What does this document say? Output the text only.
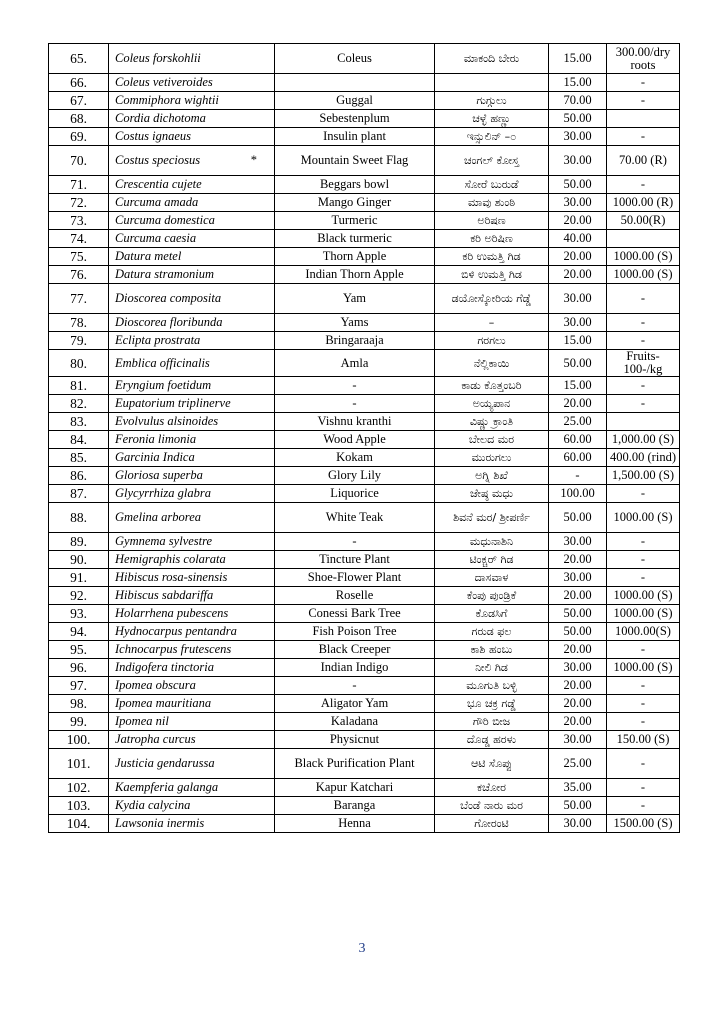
65.	Coleus forskohlii	Coleus	ಮಾಕಂದಿ ಬೇರು	15.00	300.00/dry roots
66.	Coleus vetiveroides			15.00	-
67.	Commiphora wightii	Guggal	ಗುಗ್ಗುಲು	70.00	-
68.	Cordia dichotoma	Sebestenplum	ಚಳ್ಳೆ ಹಣ್ಣು	50.00	
69.	Costus ignaeus	Insulin plant	ಇನ್ಸುಲಿನ್ –೦	30.00	-
70.	Costus speciosus *	Mountain Sweet Flag	ಚಂಗಲ್ ಕೋಸ್ತ	30.00	70.00 (R)
71.	Crescentia cujete	Beggars bowl	ಸೋರೆ ಬುರುಡೆ	50.00	-
72.	Curcuma amada	Mango Ginger	ಮಾವು ಶುಂಠಿ	30.00	1000.00 (R)
73.	Curcuma domestica	Turmeric	ಅರಿಷಣ	20.00	50.00(R)
74.	Curcuma caesia	Black turmeric	ಕರಿ ಅರಿಷಿಣ	40.00	
75.	Datura metel	Thorn Apple	ಕರಿ ಉಮತ್ತಿ ಗಿಡ	20.00	1000.00 (S)
76.	Datura stramonium	Indian Thorn Apple	ಬಿಳಿ ಉಮತ್ತಿ ಗಿಡ	20.00	1000.00 (S)
77.	Dioscorea composita	Yam	ಡಯೋಸ್ಕೋರಿಯ ಗೆಡ್ಡೆ	30.00	-
78.	Dioscorea floribunda	Yams	–	30.00	-
79.	Eclipta prostrata	Bringaraaja	ಗರಗಲು	15.00	-
80.	Emblica officinalis	Amla	ನೆಲ್ಲಿಕಾಯಿ	50.00	Fruits-100-/kg
81.	Eryngium foetidum	-	ಕಾಡು ಕೊತ್ತಂಬರಿ	15.00	-
82.	Eupatorium triplinerve	-	ಅಯ್ಯಪಾನ	20.00	-
83.	Evolvulus alsinoides	Vishnu kranthi	ವಿಷ್ಣು ಕ್ರಾಂತಿ	25.00	
84.	Feronia limonia	Wood Apple	ಬೇಲದ ಮರ	60.00	1,000.00 (S)
85.	Garcinia Indica	Kokam	ಮುರುಗಲು	60.00	400.00 (rind)
86.	Gloriosa superba	Glory Lily	ಅಗ್ನಿ ಶಿಖೆ	-	1,500.00 (S)
87.	Glycyrrhiza glabra	Liquorice	ಜೇಷ್ಠ ಮಧು	100.00	-
88.	Gmelina arborea	White Teak	ಶಿವನೆ ಮರ/ ಶ್ರೀಪರ್ಣಿ	50.00	1000.00 (S)
89.	Gymnema sylvestre	-	ಮಧುನಾಶಿನಿ	30.00	-
90.	Hemigraphis colarata	Tincture Plant	ಟಿಂಕ್ಚರ್ ಗಿಡ	20.00	-
91.	Hibiscus rosa-sinensis	Shoe-Flower Plant	ದಾಸವಾಳ	30.00	-
92.	Hibiscus sabdariffa	Roselle	ಕೆಂಪು ಪುಂಡ್ರಿಕೆ	20.00	1000.00 (S)
93.	Holarrhena pubescens	Conessi Bark Tree	ಕೊಡಸಿಗೆ	50.00	1000.00 (S)
94.	Hydnocarpus pentandra	Fish Poison Tree	ಗರುಡ ಫಲ	50.00	1000.00(S)
95.	Ichnocarpus frutescens	Black Creeper	ಕಾಶಿ ಹಂಬು	20.00	-
96.	Indigofera tinctoria	Indian Indigo	ನೀಲಿ ಗಿಡ	30.00	1000.00 (S)
97.	Ipomea obscura	-	ಮೂಗುತಿ ಬಳ್ಳಿ	20.00	-
98.	Ipomea mauritiana	Aligator Yam	ಭೂ ಚಕ್ರ ಗಡ್ಡೆ	20.00	-
99.	Ipomea nil	Kaladana	ಗೌರಿ ಬೀಜ	20.00	-
100.	Jatropha curcus	Physicnut	ದೊಡ್ಡ ಹರಳು	30.00	150.00 (S)
101.	Justicia gendarussa	Black Purification Plant	ಆಟಿ ಸೊಪ್ಪು	25.00	-
102.	Kaempferia galanga	Kapur Katchari	ಕಚೋರ	35.00	-
103.	Kydia calycina	Baranga	ಬೆಂಡೆ ನಾರು ಮರ	50.00	-
104.	Lawsonia inermis	Henna	ಗೋರಂಟಿ	30.00	1500.00 (S)
3
